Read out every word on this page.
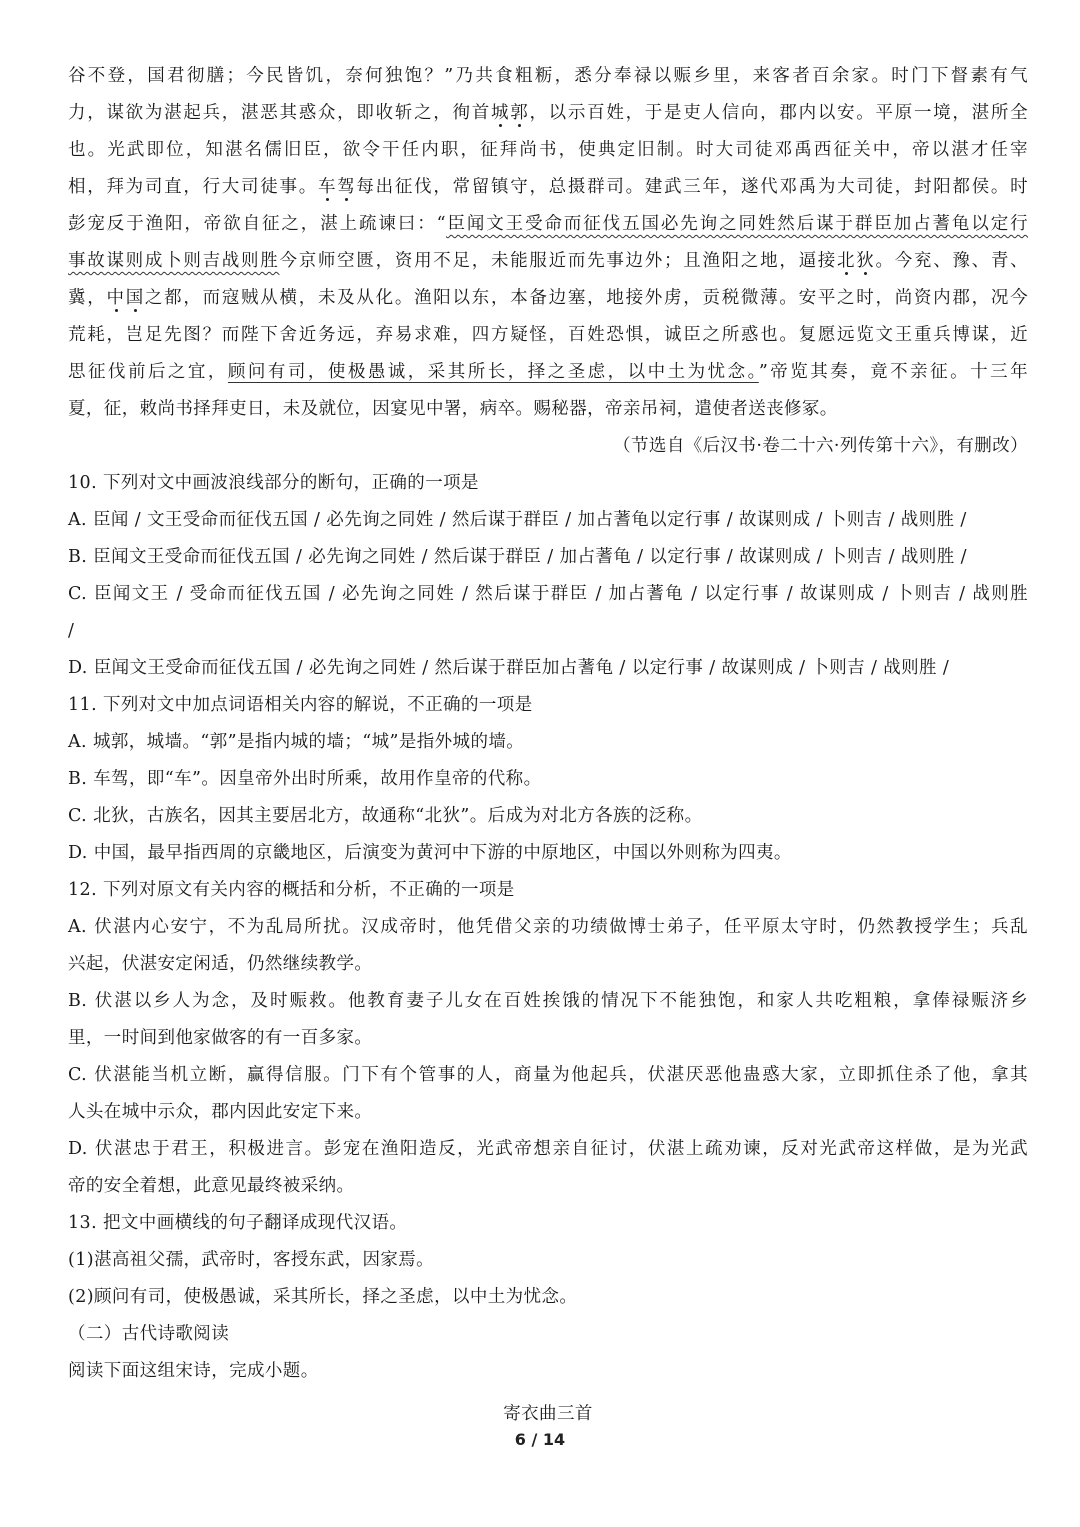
谷不登，国君彻膳；今民皆饥，奈何独饱？”乃共食粗粝，悉分奉禄以赈乡里，来客者百余家。时门下督素有气
力，谋欲为湛起兵，湛恶其惑众，即收斩之，徇首城郭，以示百姓，于是吏人信向，郡内以安。平原一境，湛所全
也。光武即位，知湛名儒旧臣，欲令干任内职，征拜尚书，使典定旧制。时大司徒邓禹西征关中，帝以湛才任宰
相，拜为司直，行大司徒事。车驾每出征伐，常留镇守，总摄群司。建武三年，遂代邓禹为大司徒，封阳都侯。时
彭宠反于渔阳，帝欲自征之，湛上疏谏曰：“臣闻文王受命而征伐五国必先询之同姓然后谋于群臣加占蓍龟以定行
事故谋则成卜则吉战则胜今京师空匮，资用不足，未能服近而先事边外；且渔阳之地，逼接北狄。今兖、豫、青、
冀，中国之都，而寇贼从横，未及从化。渔阳以东，本备边塞，地接外虏，贡税微薄。安平之时，尚资内郡，况今
荒耗，岂足先图？而陛下舍近务远，弃易求难，四方疑怪，百姓恐惧，诚臣之所惑也。复愿远览文王重兵博谋，近
思征伐前后之宜，顾问有司，使极愚诚，采其所长，择之圣虑，以中土为忧念。”帝览其奏，竟不亲征。十三年
夏，征，敕尚书择拜吏日，未及就位，因宴见中署，病卒。赐秘器，帝亲吊祠，遣使者送丧修冢。
（节选自《后汉书·卷二十六·列传第十六》，有删改）
10. 下列对文中画波浪线部分的断句，正确的一项是
A. 臣闻 / 文王受命而征伐五国 / 必先询之同姓 / 然后谋于群臣 / 加占蓍龟以定行事 / 故谋则成 / 卜则吉 / 战则胜 /
B. 臣闻文王受命而征伐五国 / 必先询之同姓 / 然后谋于群臣 / 加占蓍龟 / 以定行事 / 故谋则成 / 卜则吉 / 战则胜 /
C. 臣闻文王 / 受命而征伐五国 / 必先询之同姓 / 然后谋于群臣 / 加占蓍龟 / 以定行事 / 故谋则成 / 卜则吉 / 战则胜
/
D. 臣闻文王受命而征伐五国 / 必先询之同姓 / 然后谋于群臣加占蓍龟 / 以定行事 / 故谋则成 / 卜则吉 / 战则胜 /
11. 下列对文中加点词语相关内容的解说，不正确的一项是
A. 城郭，城墙。“郭”是指内城的墙；“城”是指外城的墙。
B. 车驾，即“车”。因皇帝外出时所乘，故用作皇帝的代称。
C. 北狄，古族名，因其主要居北方，故通称“北狄”。后成为对北方各族的泛称。
D. 中国，最早指西周的京畿地区，后演变为黄河中下游的中原地区，中国以外则称为四夷。
12. 下列对原文有关内容的概括和分析，不正确的一项是
A. 伏湛内心安宁，不为乱局所扰。汉成帝时，他凭借父亲的功绩做博士弟子，任平原太守时，仍然教授学生；兵乱
兴起，伏湛安定闲适，仍然继续教学。
B. 伏湛以乡人为念，及时赈救。他教育妻子儿女在百姓挨饿的情况下不能独饱，和家人共吃粗粮，拿俸禄赈济乡
里，一时间到他家做客的有一百多家。
C. 伏湛能当机立断，赢得信服。门下有个管事的人，商量为他起兵，伏湛厌恶他蛊惑大家，立即抓住杀了他，拿其
人头在城中示众，郡内因此安定下来。
D. 伏湛忠于君王，积极进言。彭宠在渔阳造反，光武帝想亲自征讨，伏湛上疏劝谏，反对光武帝这样做，是为光武
帝的安全着想，此意见最终被采纳。
13. 把文中画横线的句子翻译成现代汉语。
(1)湛高祖父孺，武帝时，客授东武，因家焉。
(2)顾问有司，使极愚诚，采其所长，择之圣虑，以中土为忧念。
（二）古代诗歌阅读
阅读下面这组宋诗，完成小题。
寄衣曲三首
6 / 14
